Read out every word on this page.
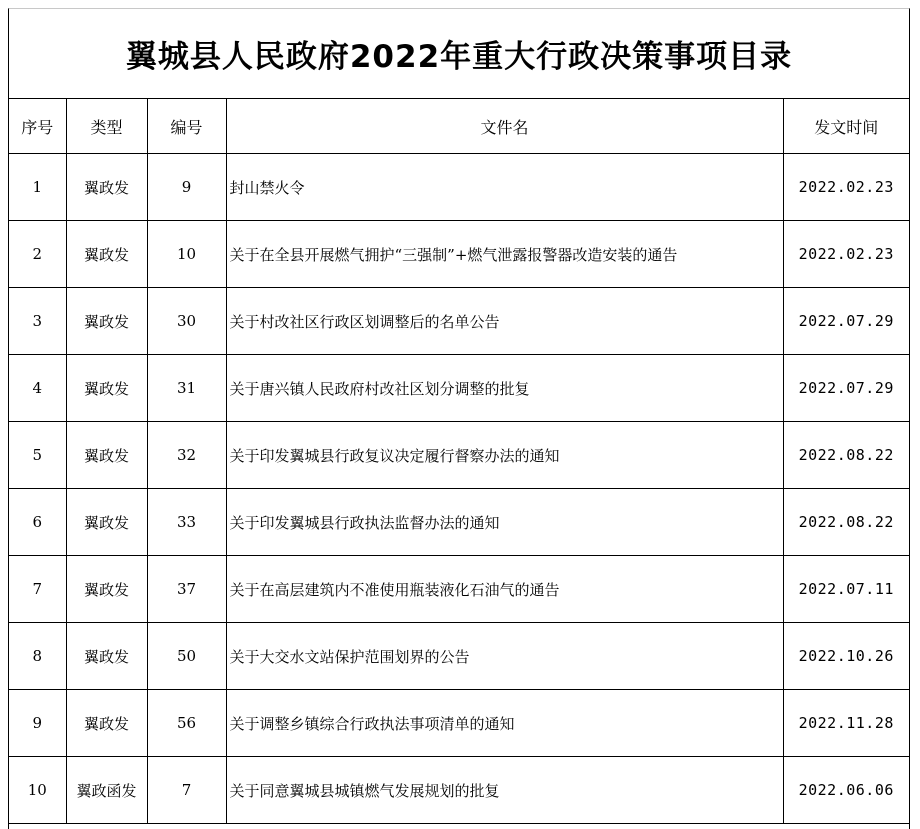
翼城县人民政府2022年重大行政决策事项目录
序号	类型	编号	文件名	发文时间
1	翼政发	9	封山禁火令	2022.02.23
2	翼政发	10	关于在全县开展燃气拥护“三强制”+燃气泄露报警器改造安装的通告	2022.02.23
3	翼政发	30	关于村改社区行政区划调整后的名单公告	2022.07.29
4	翼政发	31	关于唐兴镇人民政府村改社区划分调整的批复	2022.07.29
5	翼政发	32	关于印发翼城县行政复议决定履行督察办法的通知	2022.08.22
6	翼政发	33	关于印发翼城县行政执法监督办法的通知	2022.08.22
7	翼政发	37	关于在高层建筑内不准使用瓶装液化石油气的通告	2022.07.11
8	翼政发	50	关于大交水文站保护范围划界的公告	2022.10.26
9	翼政发	56	关于调整乡镇综合行政执法事项清单的通知	2022.11.28
10	翼政函发	7	关于同意翼城县城镇燃气发展规划的批复	2022.06.06
